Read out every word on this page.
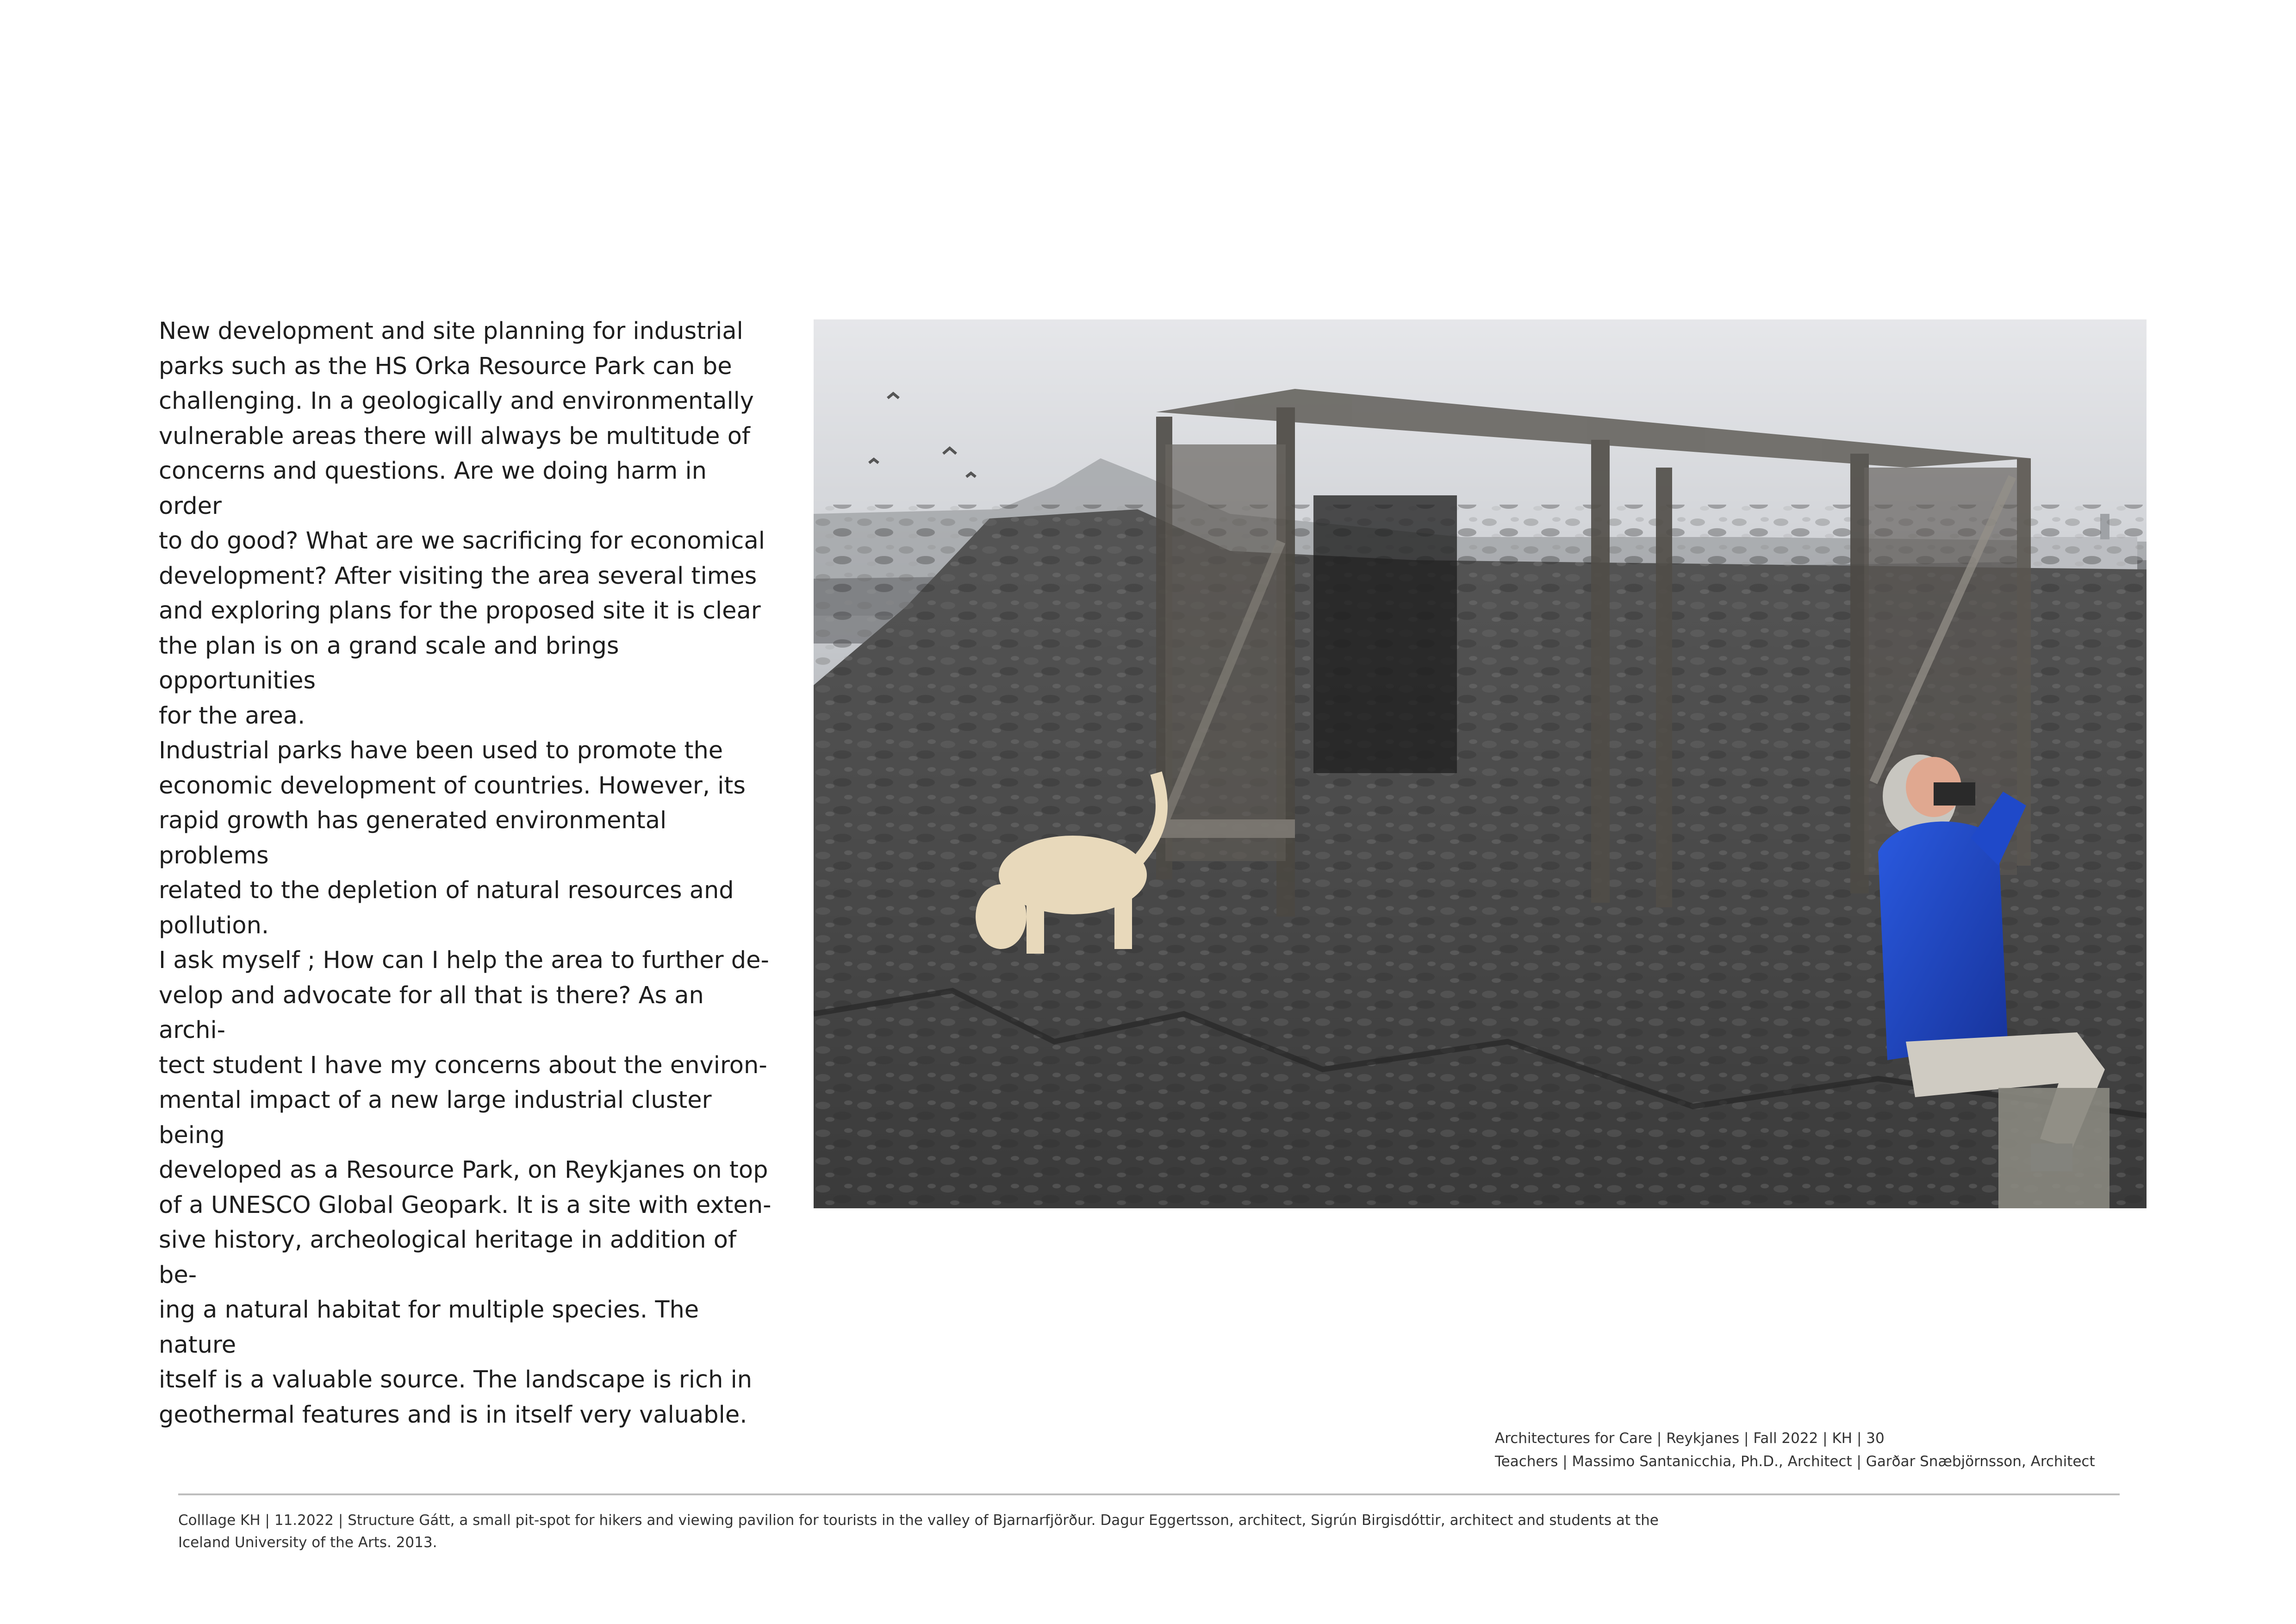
New development and site planning for industrial
parks such as the HS Orka Resource Park can be
challenging. In a geologically and environmentally
vulnerable areas there will always be multitude of
concerns and questions. Are we doing harm in order
to do good? What are we sacrificing for economical
development? After visiting the area several times
and exploring plans for the proposed site it is clear
the plan is on a grand scale and brings opportunities
for the area.

Industrial parks have been used to promote the
economic development of countries. However, its
rapid growth has generated environmental problems
related to the depletion of natural resources and
pollution.

I ask myself ; How can I help the area to further de-
velop and advocate for all that is there? As an archi-
tect student I have my concerns about the environ-
mental impact of a new large industrial cluster being
developed as a Resource Park, on Reykjanes on top
of a UNESCO Global Geopark. It is a site with exten-
sive history, archeological heritage in addition of be-
ing a natural habitat for multiple species. The nature
itself is a valuable source. The landscape is rich in
geothermal features and is in itself very valuable.

Architectures for Care | Reykjanes | Fall 2022 | KH | 30
Teachers | Massimo Santanicchia, Ph.D., Architect | Garðar Snæbjörnsson, Architect

Colllage KH | 11.2022 | Structure Gátt, a small pit-spot for hikers and viewing pavilion for tourists in the valley of Bjarnarfjörður. Dagur Eggertsson, architect, Sigrún Birgisdóttir, architect and students at the

Iceland University of the Arts. 2013.
